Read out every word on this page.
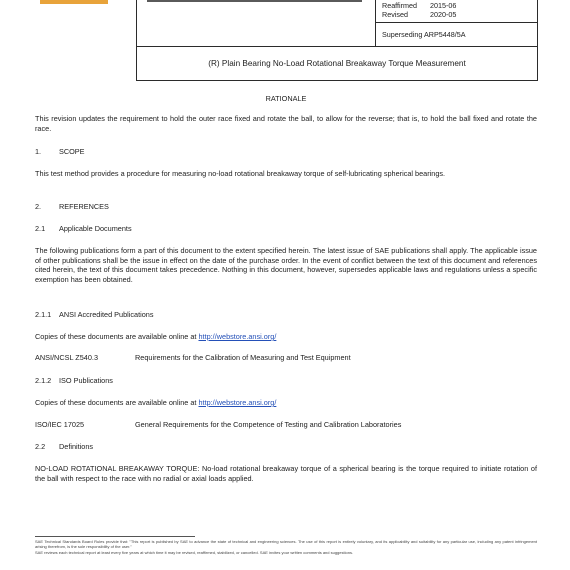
Reaffirmed 2015-06
Revised	2020-05
Superseding ARP5448/5A
(R) Plain Bearing No-Load Rotational Breakaway Torque Measurement
RATIONALE
This revision updates the requirement to hold the outer race fixed and rotate the ball, to allow for the reverse; that is, to hold the ball fixed and rotate the race.
1. SCOPE
This test method provides a procedure for measuring no-load rotational breakaway torque of self-lubricating spherical bearings.
2. REFERENCES
2.1 Applicable Documents
The following publications form a part of this document to the extent specified herein. The latest issue of SAE publications shall apply. The applicable issue of other publications shall be the issue in effect on the date of the purchase order. In the event of conflict between the text of this document and references cited herein, the text of this document takes precedence. Nothing in this document, however, supersedes applicable laws and regulations unless a specific exemption has been obtained.
2.1.1 ANSI Accredited Publications
Copies of these documents are available online at http://webstore.ansi.org/
ANSI/NCSL Z540.3	Requirements for the Calibration of Measuring and Test Equipment
2.1.2 ISO Publications
Copies of these documents are available online at http://webstore.ansi.org/
ISO/IEC 17025	General Requirements for the Competence of Testing and Calibration Laboratories
2.2 Definitions
NO-LOAD ROTATIONAL BREAKAWAY TORQUE: No-load rotational breakaway torque of a spherical bearing is the torque required to initiate rotation of the ball with respect to the race with no radial or axial loads applied.
SAE Technical Standards Board Rules provide that: "This report is published by SAE to advance the state of technical and engineering sciences. The use of this report is entirely voluntary, and its applicability and suitability for any particular use, including any patent infringement arising therefrom, is the sole responsibility of the user."
SAE reviews each technical report at least every five years at which time it may be revised, reaffirmed, stabilized, or cancelled. SAE invites your written comments and suggestions.
